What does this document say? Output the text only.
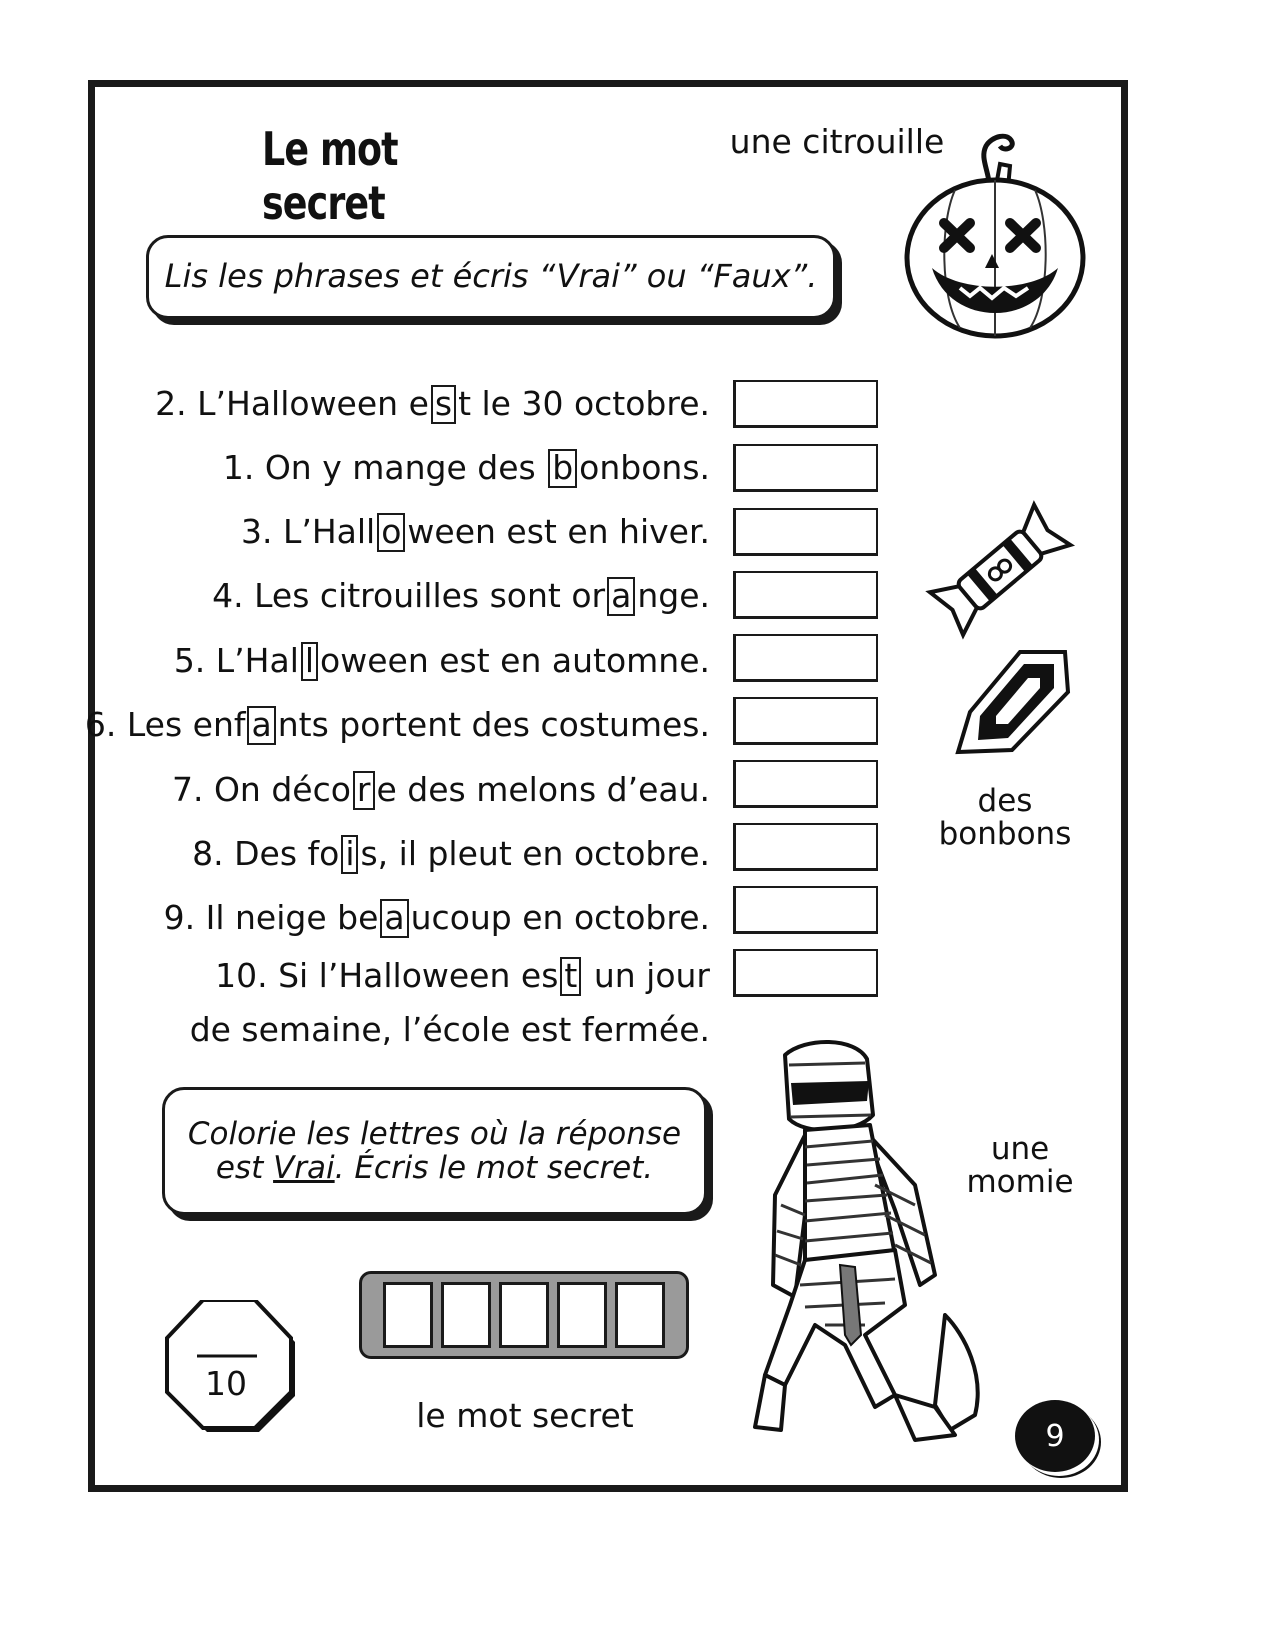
Le mot secret
une citrouille
Lis les phrases et écris “Vrai” ou “Faux”.
2. L’Halloween e s t le 30 octobre.
1. On y mange des b onbons.
3. L’Hall o ween est en hiver.
4. Les citrouilles sont or a nge.
5. L’Hal l oween est en automne.
6. Les enf a nts portent des costumes.
7. On déco r e des melons d’eau.
8. Des fo i s, il pleut en octobre.
9. Il neige be a ucoup en octobre.
10. Si l’Halloween es t un jour
de semaine, l’école est fermée.
des
bonbons
Colorie les lettres où la réponse
est Vrai. Écris le mot secret.
une
momie
10
le mot secret
9
